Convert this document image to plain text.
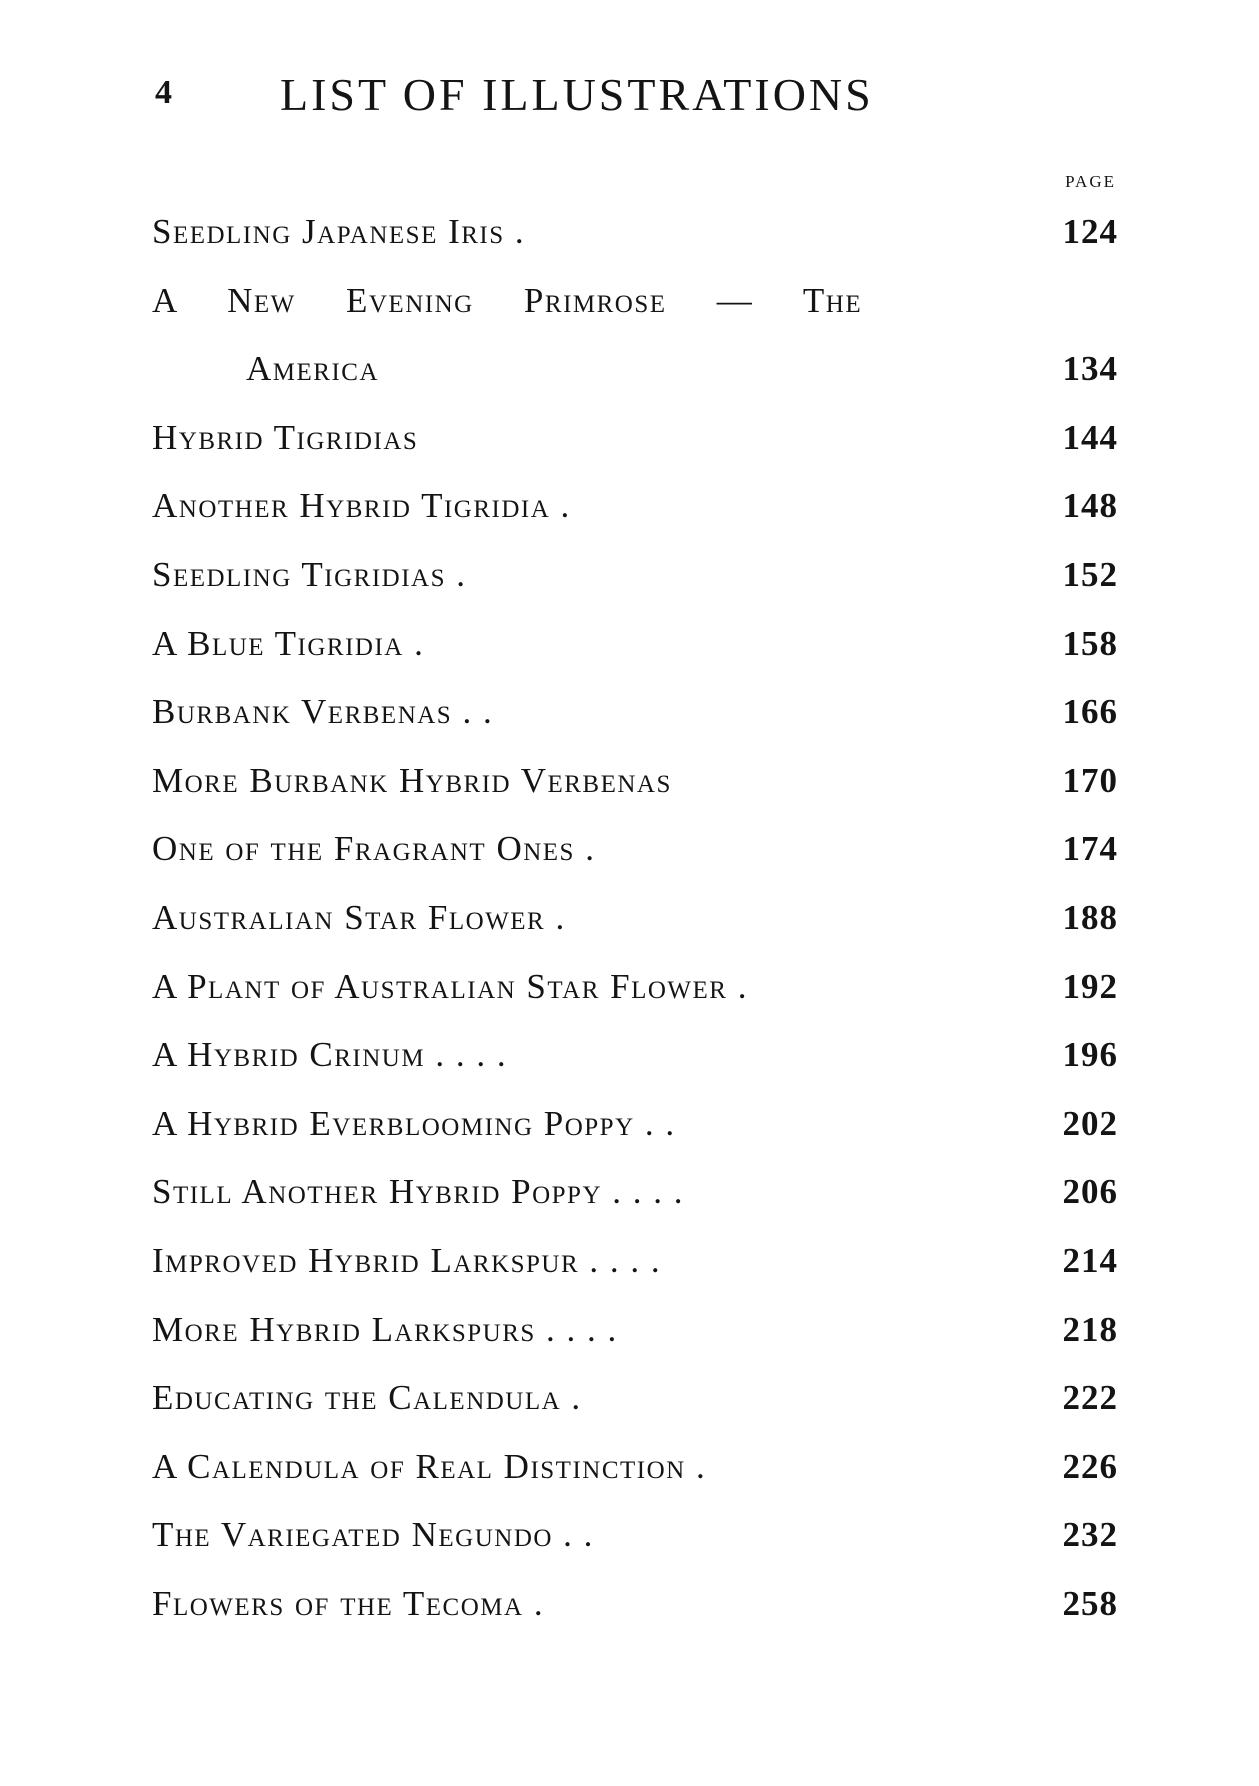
4 LIST OF ILLUSTRATIONS
PAGE
Seedling Japanese Iris .	124
A New Evening Primrose — The
America	134
Hybrid Tigridias	144
Another Hybrid Tigridia .	148
Seedling Tigridias .	152
A Blue Tigridia .	158
Burbank Verbenas . .	166
More Burbank Hybrid Verbenas	170
One of the Fragrant Ones .	174
Australian Star Flower .	188
A Plant of Australian Star Flower .	192
A Hybrid Crinum . . . .	196
A Hybrid Everblooming Poppy . .	202
Still Another Hybrid Poppy . . . .	206
Improved Hybrid Larkspur . . . .	214
More Hybrid Larkspurs . . . .	218
Educating the Calendula .	222
A Calendula of Real Distinction .	226
The Variegated Negundo . .	232
Flowers of the Tecoma .	258
